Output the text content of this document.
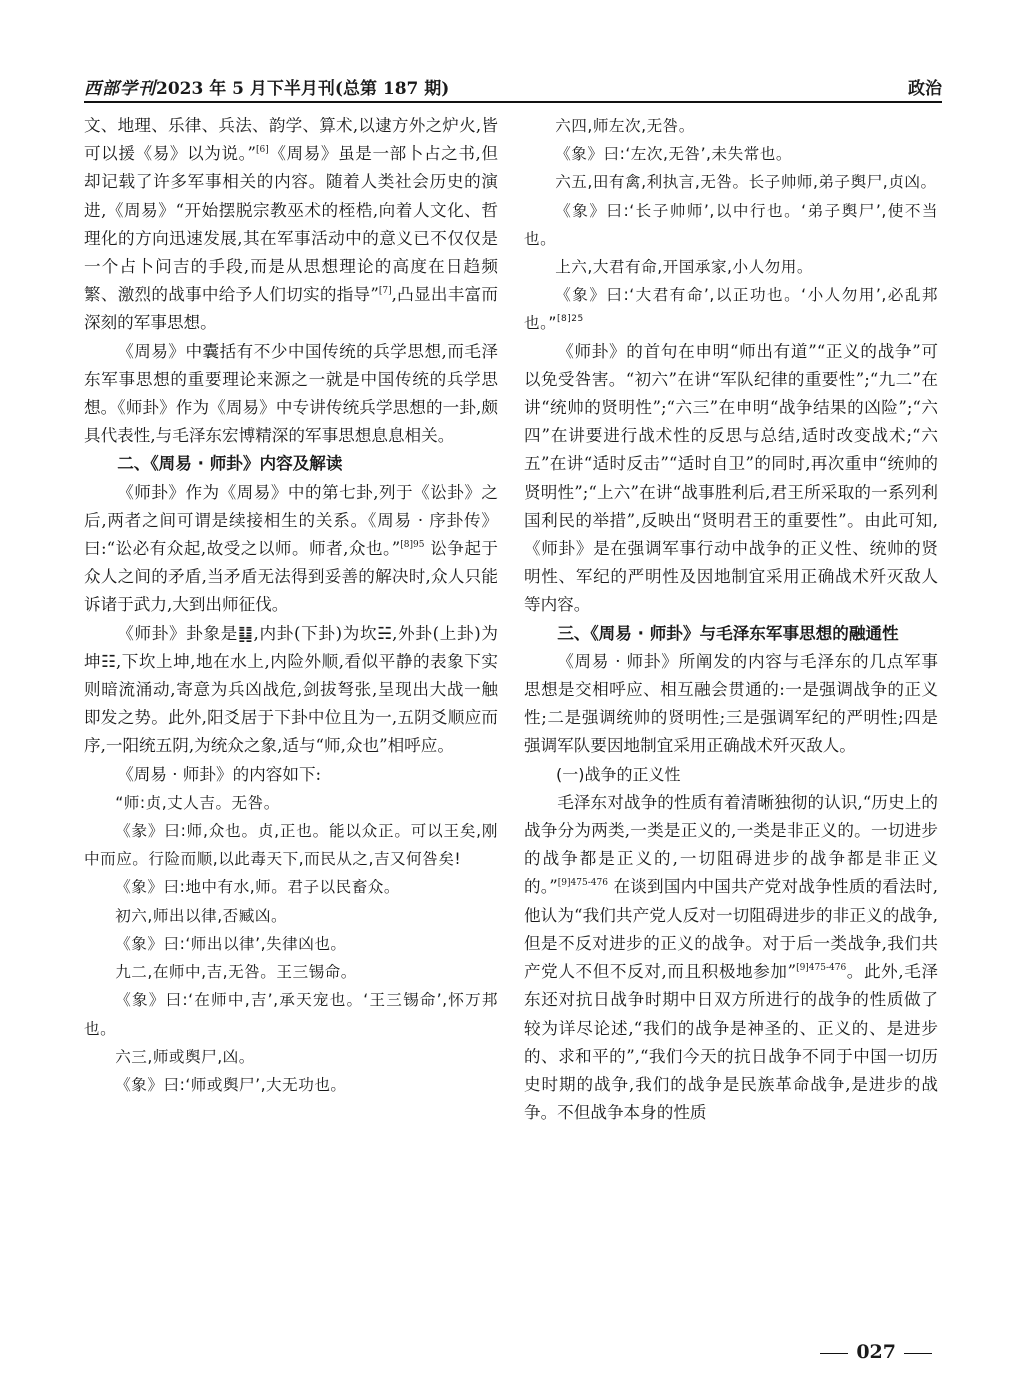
西部学刊2023 年 5 月下半月刊(总第 187 期)	政治

文、地理、乐律、兵法、韵学、算术,以逮方外之炉火,皆可以援《易》以为说。”[6]《周易》虽是一部卜占之书,但却记载了许多军事相关的内容。随着人类社会历史的演进,《周易》“开始摆脱宗教巫术的桎梏,向着人文化、哲理化的方向迅速发展,其在军事活动中的意义已不仅仅是一个占卜问吉的手段,而是从思想理论的高度在日趋频繁、激烈的战事中给予人们切实的指导”[7],凸显出丰富而深刻的军事思想。

《周易》中囊括有不少中国传统的兵学思想,而毛泽东军事思想的重要理论来源之一就是中国传统的兵学思想。《师卦》作为《周易》中专讲传统兵学思想的一卦,颇具代表性,与毛泽东宏博精深的军事思想息息相关。

二、《周易 · 师卦》内容及解读

《师卦》作为《周易》中的第七卦,列于《讼卦》之后,两者之间可谓是续接相生的关系。《周易 · 序卦传》曰:“讼必有众起,故受之以师。师者,众也。”$^{[8]95}$ 讼争起于众人之间的矛盾,当矛盾无法得到妥善的解决时,众人只能诉诸于武力,大到出师征伐。

《师卦》卦象是䷆,内卦(下卦)为坎☵,外卦(上卦)为坤☷,下坎上坤,地在水上,内险外顺,看似平静的表象下实则暗流涌动,寄意为兵凶战危,剑拔弩张,呈现出大战一触即发之势。此外,阳爻居于下卦中位且为一,五阴爻顺应而序,一阳统五阴,为统众之象,适与“师,众也”相呼应。

《周易 · 师卦》的内容如下:

“师:贞,丈人吉。无咎。

《彖》曰:师,众也。贞,正也。能以众正。可以王矣,刚中而应。行险而顺,以此毒天下,而民从之,吉又何咎矣!

《象》曰:地中有水,师。君子以民畜众。

初六,师出以律,否臧凶。

《象》曰:‘师出以律’,失律凶也。

九二,在师中,吉,无咎。王三锡命。

《象》曰:‘在师中,吉’,承天宠也。‘王三锡命’,怀万邦也。

六三,师或舆尸,凶。

《象》曰:‘师或舆尸’,大无功也。

六四,师左次,无咎。

《象》曰:‘左次,无咎’,未失常也。

六五,田有禽,利执言,无咎。长子帅师,弟子舆尸,贞凶。

《象》曰:‘长子帅师’,以中行也。‘弟子舆尸’,使不当也。

上六,大君有命,开国承家,小人勿用。

《象》曰:‘大君有命’,以正功也。‘小人勿用’,必乱邦也。”$^{[8]25}$

《师卦》的首句在申明“师出有道”“正义的战争”可以免受咎害。“初六”在讲“军队纪律的重要性”;“九二”在讲“统帅的贤明性”;“六三”在申明“战争结果的凶险”;“六四”在讲要进行战术性的反思与总结,适时改变战术;“六五”在讲“适时反击”“适时自卫”的同时,再次重申“统帅的贤明性”;“上六”在讲“战事胜利后,君王所采取的一系列利国利民的举措”,反映出“贤明君王的重要性”。由此可知,《师卦》是在强调军事行动中战争的正义性、统帅的贤明性、军纪的严明性及因地制宜采用正确战术歼灭敌人等内容。

三、《周易 · 师卦》与毛泽东军事思想的融通性

《周易 · 师卦》所阐发的内容与毛泽东的几点军事思想是交相呼应、相互融会贯通的:一是强调战争的正义性;二是强调统帅的贤明性;三是强调军纪的严明性;四是强调军队要因地制宜采用正确战术歼灭敌人。

(一)战争的正义性

毛泽东对战争的性质有着清晰独彻的认识,“历史上的战争分为两类,一类是正义的,一类是非正义的。一切进步的战争都是正义的,一切阻碍进步的战争都是非正义的。”$^{[9]475-476}$ 在谈到国内中国共产党对战争性质的看法时,他认为“我们共产党人反对一切阻碍进步的非正义的战争,但是不反对进步的正义的战争。对于后一类战争,我们共产党人不但不反对,而且积极地参加”$^{[9]475-476}$。此外,毛泽东还对抗日战争时期中日双方所进行的战争的性质做了较为详尽论述,“我们的战争是神圣的、正义的、是进步的、求和平的”,“我们今天的抗日战争不同于中国一切历史时期的战争,我们的战争是民族革命战争,是进步的战争。不但战争本身的性质

027
